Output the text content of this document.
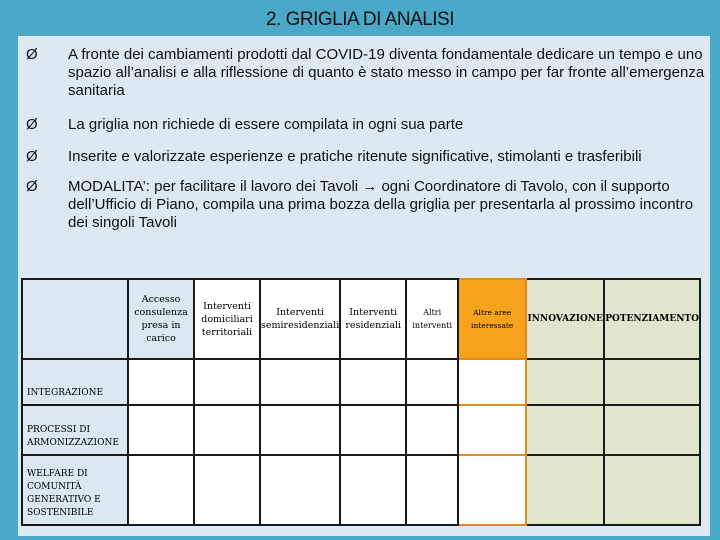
2. GRIGLIA DI ANALISI
Ø	A fronte dei cambiamenti prodotti dal COVID-19 diventa fondamentale dedicare un tempo e uno spazio all’analisi e alla riflessione di quanto è stato messo in campo per far fronte all’emergenza sanitaria
Ø	La griglia non richiede di essere compilata in ogni sua parte
Ø	Inserite e valorizzate esperienze e pratiche ritenute significative, stimolanti e trasferibili
Ø	MODALITA’: per facilitare il lavoro dei Tavoli → ogni Coordinatore di Tavolo, con il supporto dell’Ufficio di Piano, compila una prima bozza della griglia per presentarla al prossimo incontro dei singoli Tavoli
	Accesso consulenza presa in carico	Interventi domiciliari territoriali	Interventi semiresidenziali	Interventi residenziali	Altri interventi	Altre aree interessate	INNOVAZIONE	POTENZIAMENTO
INTEGRAZIONE								
PROCESSI DI ARMONIZZAZIONE								
WELFARE DI COMUNITÀ GENERATIVO E SOSTENIBILE								
